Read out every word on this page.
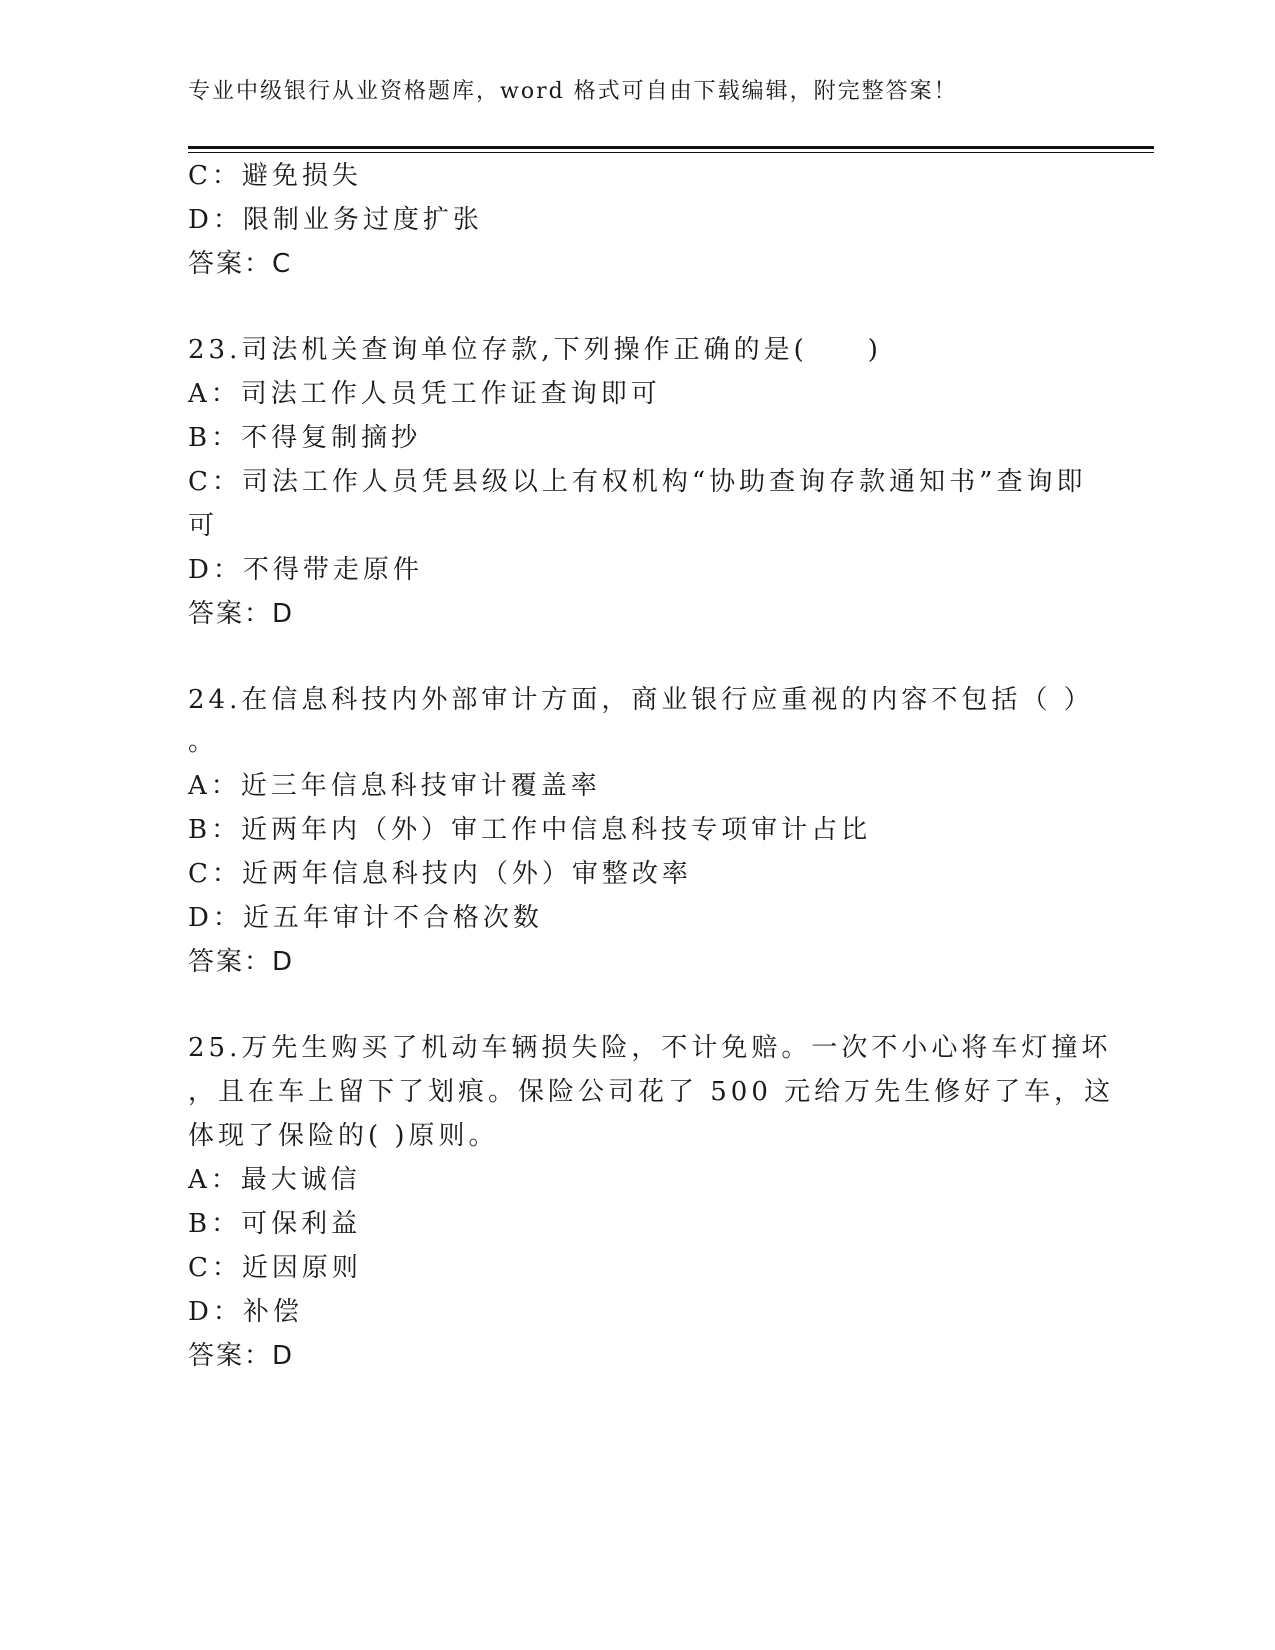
专业中级银行从业资格题库，word 格式可自由下载编辑，附完整答案！
C：避免损失
D：限制业务过度扩张
答案：C
23.司法机关查询单位存款,下列操作正确的是(　　)
A：司法工作人员凭工作证查询即可
B：不得复制摘抄
C：司法工作人员凭县级以上有权机构“协助查询存款通知书”查询即
可
D：不得带走原件
答案：D
24.在信息科技内外部审计方面，商业银行应重视的内容不包括（ ）
。
A：近三年信息科技审计覆盖率
B：近两年内（外）审工作中信息科技专项审计占比
C：近两年信息科技内（外）审整改率
D：近五年审计不合格次数
答案：D
25.万先生购买了机动车辆损失险，不计免赔。一次不小心将车灯撞坏
，且在车上留下了划痕。保险公司花了 500 元给万先生修好了车，这
体现了保险的( )原则。
A：最大诚信
B：可保利益
C：近因原则
D：补偿
答案：D
